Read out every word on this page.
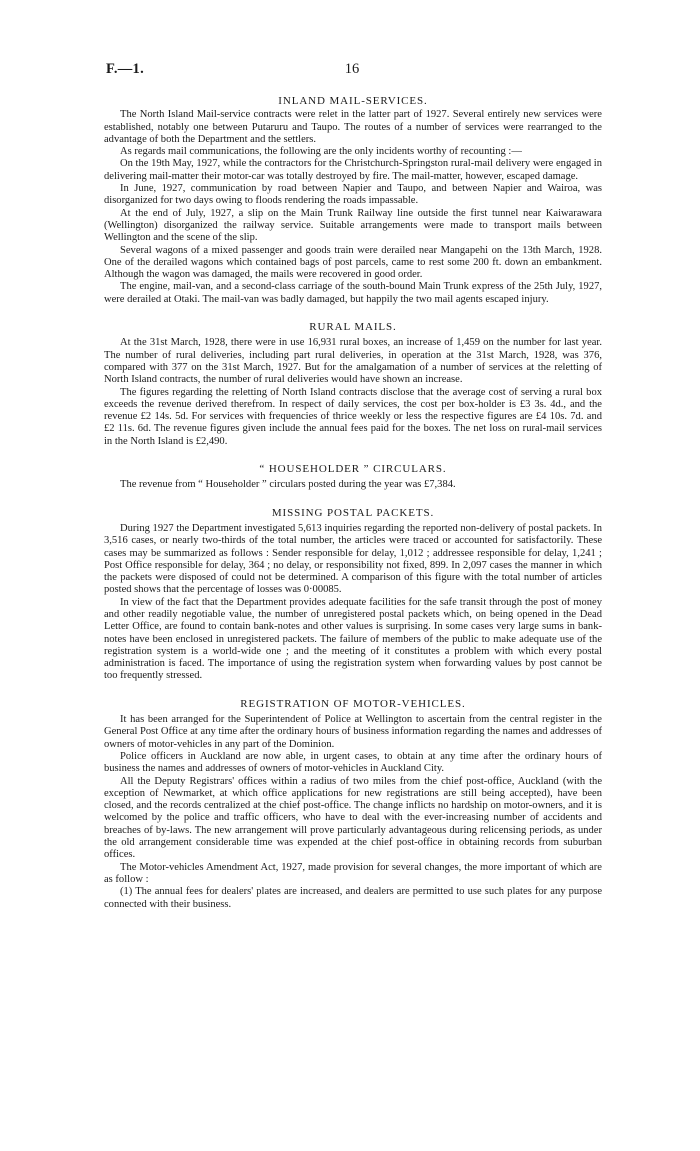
F.—1.	16
INLAND MAIL-SERVICES.

The North Island Mail-service contracts were relet in the latter part of 1927. Several entirely new services were established, notably one between Putaruru and Taupo. The routes of a number of services were rearranged to the advantage of both the Department and the settlers.

As regards mail communications, the following are the only incidents worthy of recounting :—

On the 19th May, 1927, while the contractors for the Christchurch-Springston rural-mail delivery were engaged in delivering mail-matter their motor-car was totally destroyed by fire. The mail-matter, however, escaped damage.

In June, 1927, communication by road between Napier and Taupo, and between Napier and Wairoa, was disorganized for two days owing to floods rendering the roads impassable.

At the end of July, 1927, a slip on the Main Trunk Railway line outside the first tunnel near Kaiwarawara (Wellington) disorganized the railway service. Suitable arrangements were made to transport mails between Wellington and the scene of the slip.

Several wagons of a mixed passenger and goods train were derailed near Mangapehi on the 13th March, 1928. One of the derailed wagons which contained bags of post parcels, came to rest some 200 ft. down an embankment. Although the wagon was damaged, the mails were recovered in good order.

The engine, mail-van, and a second-class carriage of the south-bound Main Trunk express of the 25th July, 1927, were derailed at Otaki. The mail-van was badly damaged, but happily the two mail agents escaped injury.

RURAL MAILS.

At the 31st March, 1928, there were in use 16,931 rural boxes, an increase of 1,459 on the number for last year. The number of rural deliveries, including part rural deliveries, in operation at the 31st March, 1928, was 376, compared with 377 on the 31st March, 1927. But for the amalgamation of a number of services at the reletting of North Island contracts, the number of rural deliveries would have shown an increase.

The figures regarding the reletting of North Island contracts disclose that the average cost of serving a rural box exceeds the revenue derived therefrom. In respect of daily services, the cost per box-holder is £3 3s. 4d., and the revenue £2 14s. 5d. For services with frequencies of thrice weekly or less the respective figures are £4 10s. 7d. and £2 11s. 6d. The revenue figures given include the annual fees paid for the boxes. The net loss on rural-mail services in the North Island is £2,490.

“ HOUSEHOLDER ” CIRCULARS.

The revenue from “ Householder ” circulars posted during the year was £7,384.

MISSING POSTAL PACKETS.

During 1927 the Department investigated 5,613 inquiries regarding the reported non-delivery of postal packets. In 3,516 cases, or nearly two-thirds of the total number, the articles were traced or accounted for satisfactorily. These cases may be summarized as follows : Sender responsible for delay, 1,012 ; addressee responsible for delay, 1,241 ; Post Office responsible for delay, 364 ; no delay, or responsibility not fixed, 899. In 2,097 cases the manner in which the packets were disposed of could not be determined. A comparison of this figure with the total number of articles posted shows that the percentage of losses was 0·00085.

In view of the fact that the Department provides adequate facilities for the safe transit through the post of money and other readily negotiable value, the number of unregistered postal packets which, on being opened in the Dead Letter Office, are found to contain bank-notes and other values is surprising. In some cases very large sums in bank-notes have been enclosed in unregistered packets. The failure of members of the public to make adequate use of the registration system is a world-wide one ; and the meeting of it constitutes a problem with which every postal administration is faced. The importance of using the registration system when forwarding values by post cannot be too frequently stressed.

REGISTRATION OF MOTOR-VEHICLES.

It has been arranged for the Superintendent of Police at Wellington to ascertain from the central register in the General Post Office at any time after the ordinary hours of business information regarding the names and addresses of owners of motor-vehicles in any part of the Dominion.

Police officers in Auckland are now able, in urgent cases, to obtain at any time after the ordinary hours of business the names and addresses of owners of motor-vehicles in Auckland City.

All the Deputy Registrars' offices within a radius of two miles from the chief post-office, Auckland (with the exception of Newmarket, at which office applications for new registrations are still being accepted), have been closed, and the records centralized at the chief post-office. The change inflicts no hardship on motor-owners, and it is welcomed by the police and traffic officers, who have to deal with the ever-increasing number of accidents and breaches of by-laws. The new arrangement will prove particularly advantageous during relicensing periods, as under the old arrangement considerable time was expended at the chief post-office in obtaining records from suburban offices.

The Motor-vehicles Amendment Act, 1927, made provision for several changes, the more important of which are as follow :

(1) The annual fees for dealers' plates are increased, and dealers are permitted to use such plates for any purpose connected with their business.
